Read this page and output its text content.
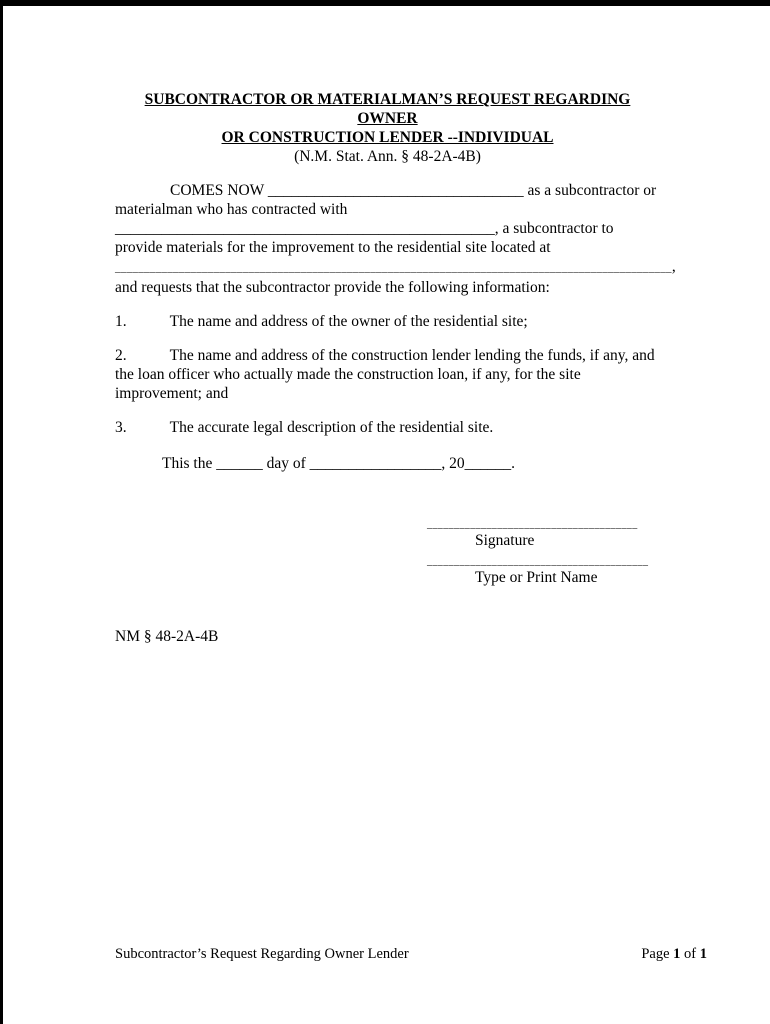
SUBCONTRACTOR OR MATERIALMAN’S REQUEST REGARDING OWNER

OR CONSTRUCTION LENDER --INDIVIDUAL

(N.M. Stat. Ann. § 48-2A-4B)

COMES NOW _________________________________ as a subcontractor or
materialman who has contracted with
_________________________________________________, a subcontractor to
provide materials for the improvement to the residential site located at
________________________________________________________________________________________________,
and requests that the subcontractor provide the following information:

1.	The name and address of the owner of the residential site;

2.	The name and address of the construction lender lending the funds, if any, and the loan officer who actually made the construction loan, if any, for the site improvement; and

3.	The accurate legal description of the residential site.

This the ______ day of _________________, 20______.

_______________________________________
Signature
_________________________________________
Type or Print Name

NM § 48-2A-4B

Subcontractor’s Request Regarding Owner Lender	Page 1 of 1
